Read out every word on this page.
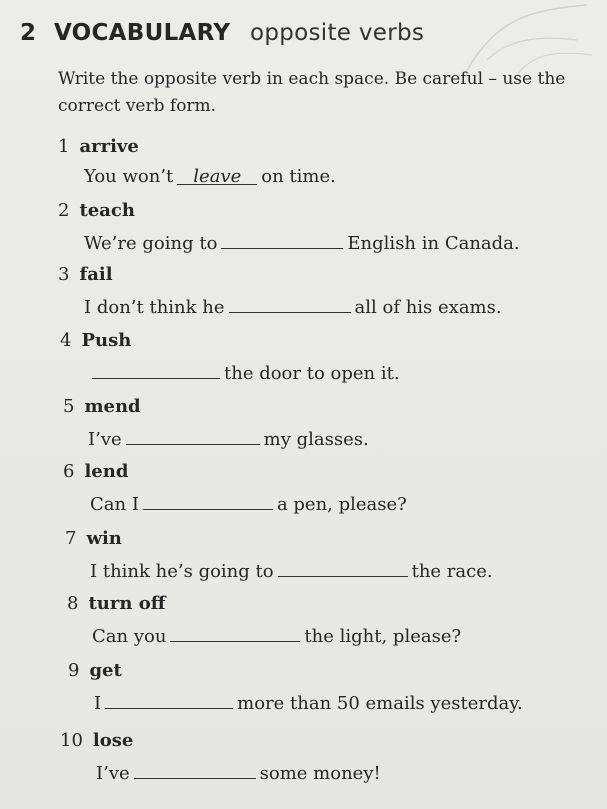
2 VOCABULARY opposite verbs
Write the opposite verb in each space. Be careful – use the correct verb form.
1 arrive
You won’t leave on time.
2 teach
We’re going to	English in Canada.
3 fail
I don’t think he	all of his exams.
4 Push
the door to open it.
5 mend
I’ve	my glasses.
6 lend
Can I	a pen, please?
7 win
I think he’s going to	the race.
8 turn off
Can you	the light, please?
9 get
I	more than 50 emails yesterday.
10 lose
I’ve	some money!
